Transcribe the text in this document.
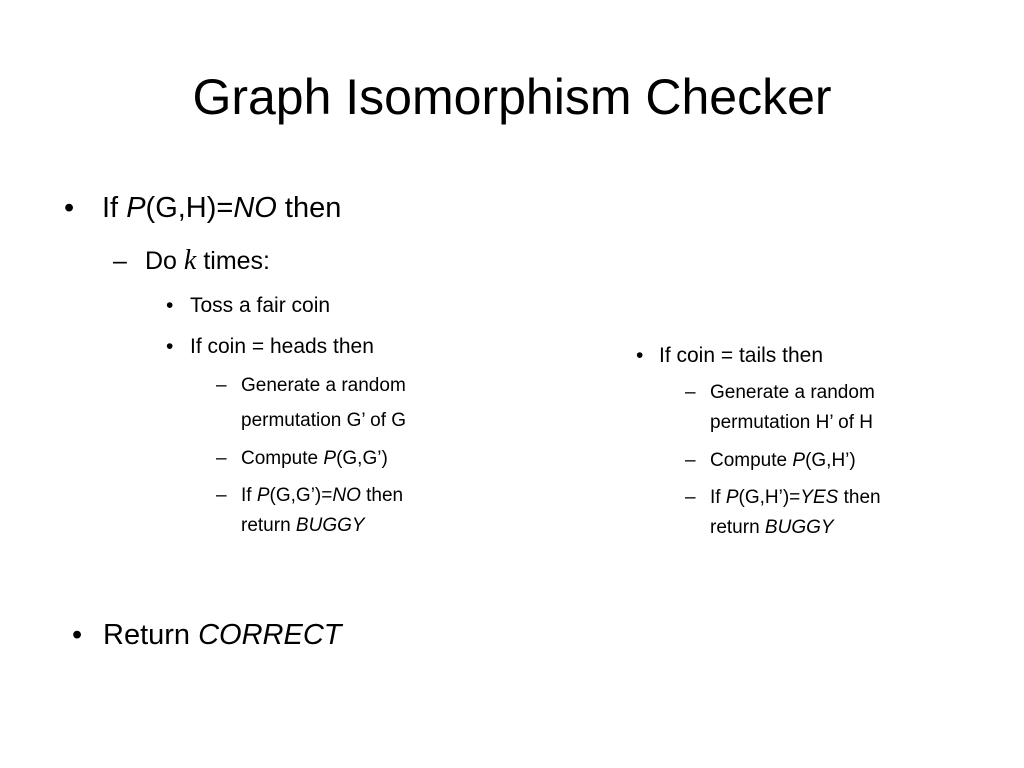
Graph Isomorphism Checker
• If P(G,H)=NO then
– Do k times:
• Toss a fair coin
• If coin = heads then
– Generate a random
permutation G’ of G
– Compute P(G,G’)
– If P(G,G’)=NO then
return BUGGY
• If coin = tails then
– Generate a random
permutation H’ of H
– Compute P(G,H’)
– If P(G,H’)=YES then
return BUGGY
• Return CORRECT
